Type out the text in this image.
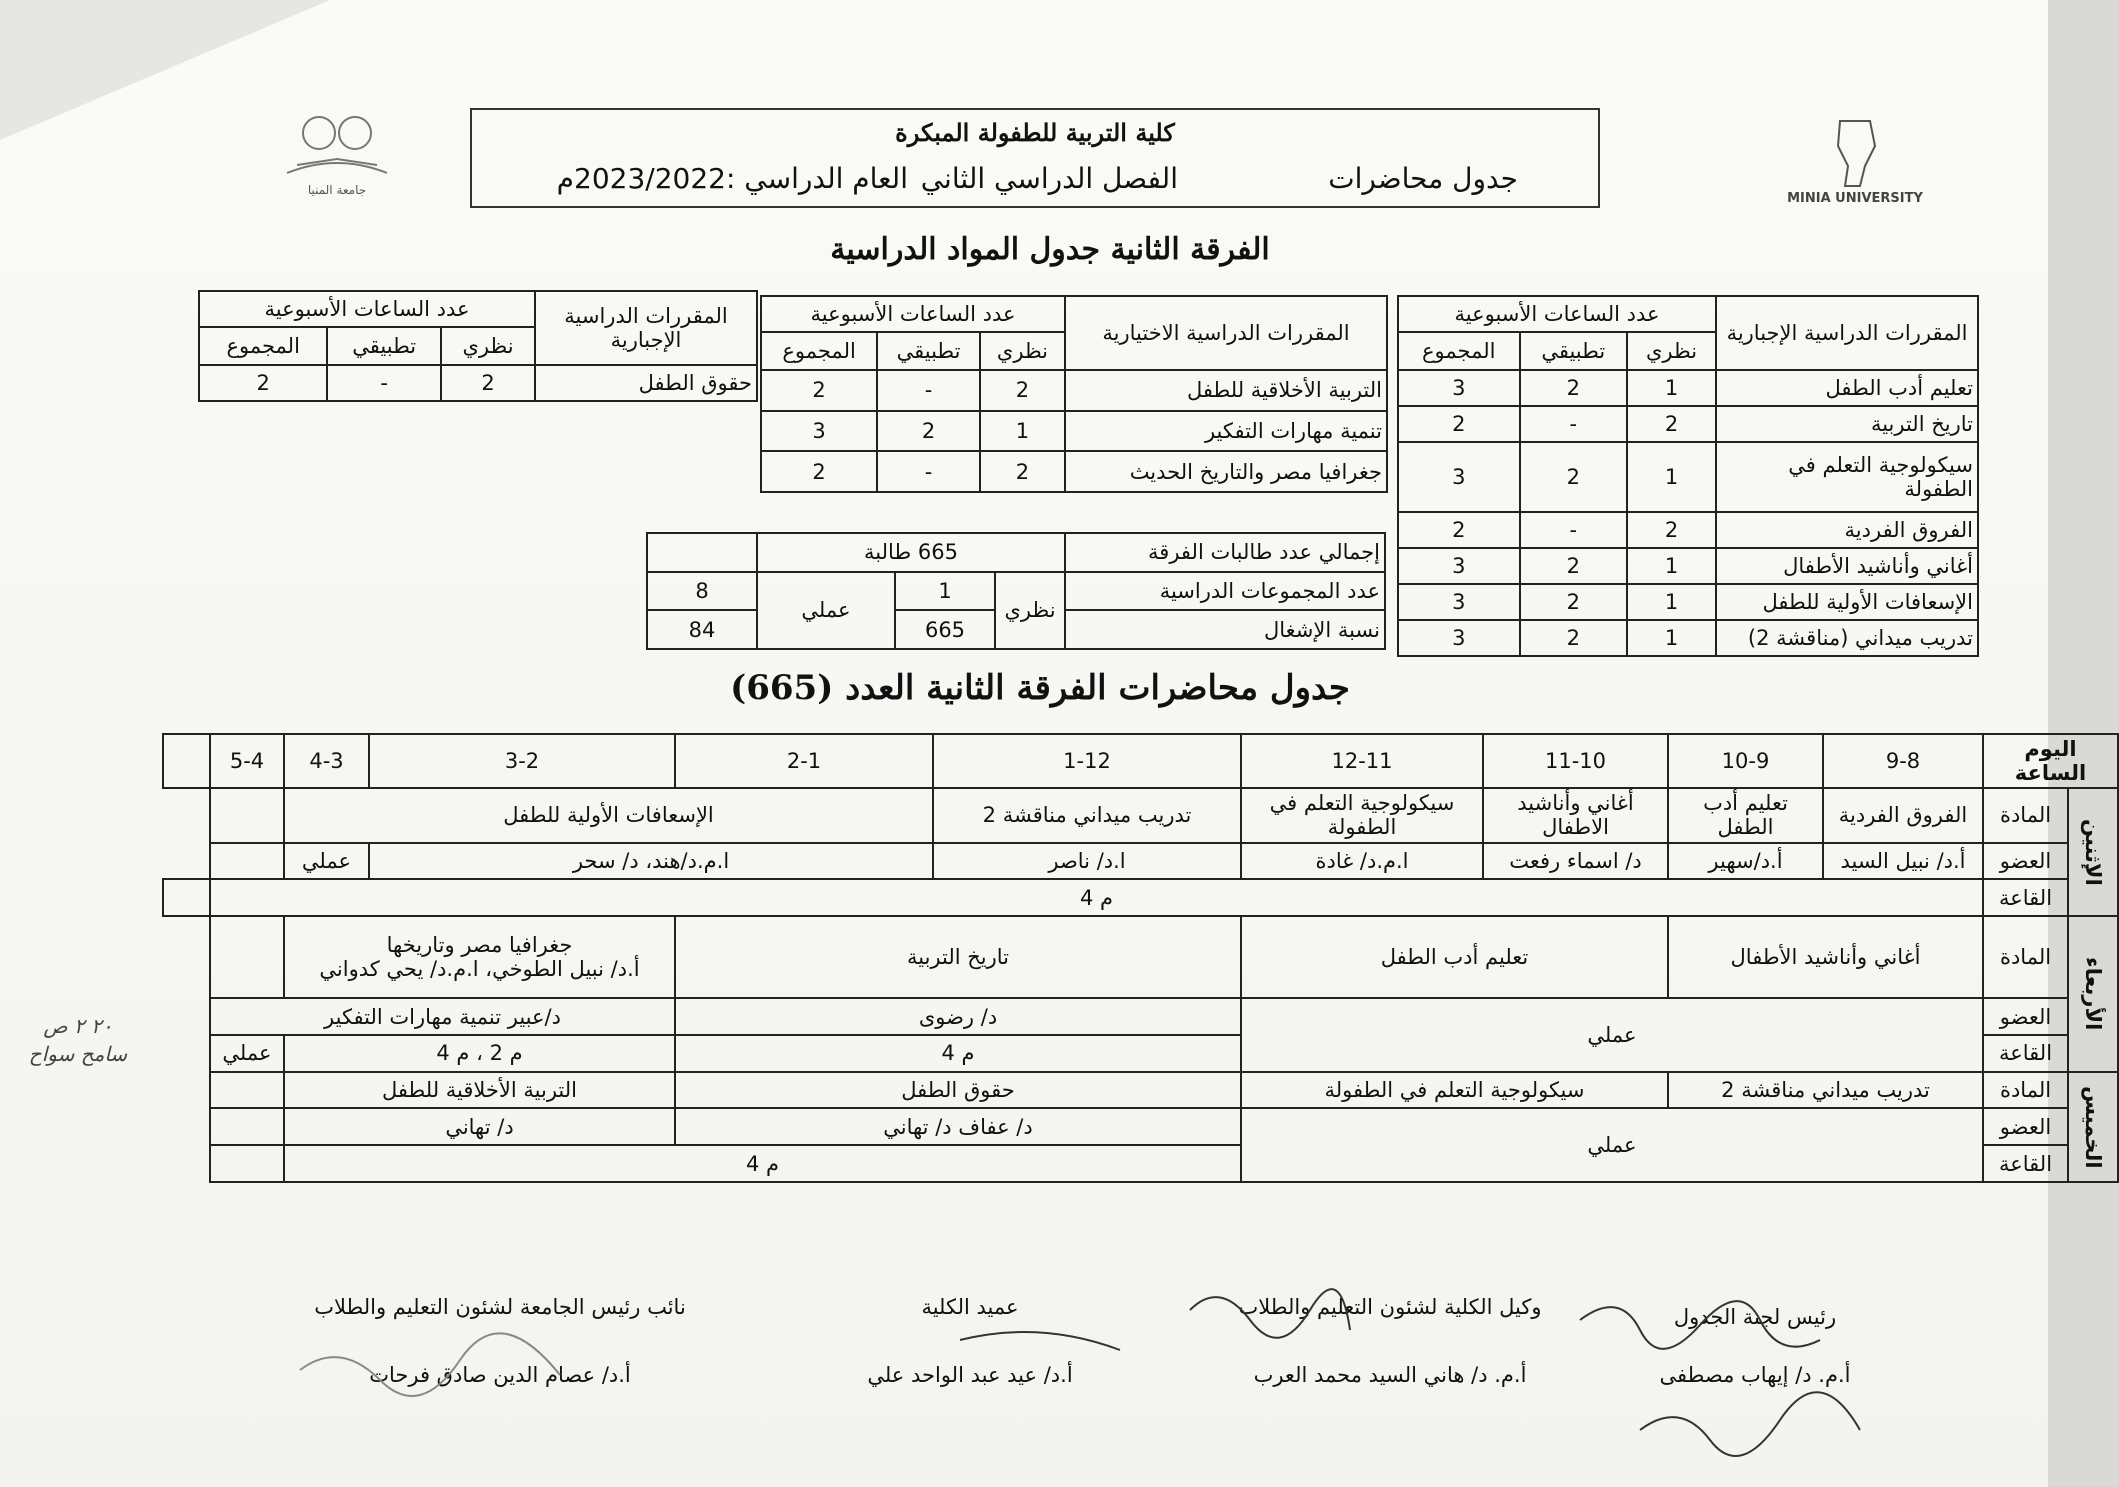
جامعة المنيا
MINIA UNIVERSITY
كلية التربية للطفولة المبكرة
جدول محاضرات
الفصل الدراسي الثاني
العام الدراسي :2023/2022م
الفرقة الثانية جدول المواد الدراسية
المقررات الدراسية الإجبارية	عدد الساعات الأسبوعية		
	نظري	تطبيقي	المجموع
تعليم أدب الطفل	1	2	3
تاريخ التربية	2	-	2
سيكولوجية التعلم في الطفولة	1	2	3
الفروق الفردية	2	-	2
أغاني وأناشيد الأطفال	1	2	3
الإسعافات الأولية للطفل	1	2	3
تدريب ميداني (مناقشة 2)	1	2	3
المقررات الدراسية الاختيارية	عدد الساعات الأسبوعية		
	نظري	تطبيقي	المجموع
التربية الأخلاقية للطفل	2	-	2
تنمية مهارات التفكير	1	2	3
جغرافيا مصر والتاريخ الحديث	2	-	2
المقررات الدراسية الإجبارية	عدد الساعات الأسبوعية		
	نظري	تطبيقي	المجموع
حقوق الطفل	2	-	2
إجمالي عدد طالبات الفرقة	665 طالبة			
عدد المجموعات الدراسية	نظري	1	عملي	8
نسبة الإشغال		665		84
جدول محاضرات الفرقة الثانية العدد (665)
اليوم الساعة		9-8	10-9	11-10	12-11	1-12	2-1	3-2	4-3	5-4	
الإثنين	المادة	الفروق الفردية	تعليم أدب الطفل	أغاني وأناشيد الاطفال	سيكولوجية التعلم في الطفولة	تدريب ميداني مناقشة 2	الإسعافات الأولية للطفل				
	العضو	أ.د/ نبيل السيد	أ.د/سهير	د/ اسماء رفعت	ا.م.د/ غادة	ا.د/ ناصر	ا.م.د/هند، د/ سحر		عملي		
	القاعة	م 4									
الأربعاء	المادة	أغاني وأناشيد الأطفال		تعليم أدب الطفل		تاريخ التربية		جغرافيا مصر وتاريخها
أ.د/ نبيل الطوخي، ا.م.د/ يحي كدواني			

	العضو	عملي				د/ رضوى		د/عبير تنمية مهارات التفكير			
	القاعة					م 4		م 2 ، م 4		عملي	
الخميس	المادة	تدريب ميداني مناقشة 2		سيكولوجية التعلم في الطفولة		حقوق الطفل		التربية الأخلاقية للطفل			
	العضو	عملي				د/ عفاف د/ تهاني		د/ تهاني			
	القاعة					م 4					
٢٠ ٢ ص
سامح سواح
رئيس لجنة الجدول
أ.م. د/ إيهاب مصطفى
وكيل الكلية لشئون التعليم والطلاب
أ.م. د/ هاني السيد محمد العرب
عميد الكلية
أ.د/ عيد عبد الواحد علي
نائب رئيس الجامعة لشئون التعليم والطلاب
أ.د/ عصام الدين صادق فرحات
